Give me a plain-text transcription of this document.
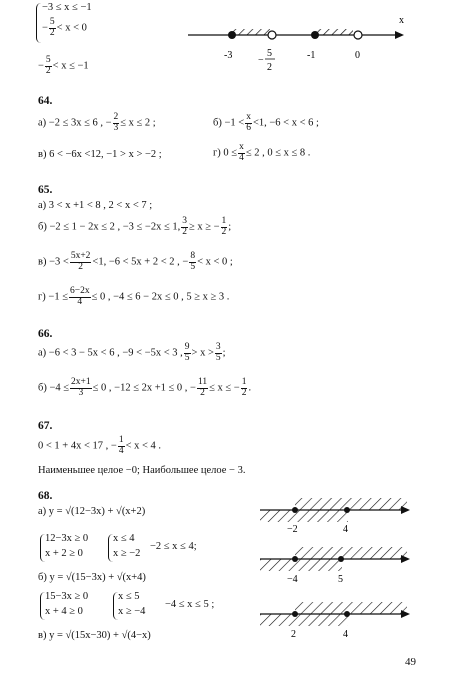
−3 ≤ x ≤ −1
− $\frac{5}{2} < x < 0$
− $\frac{5}{2} < x \le -1$
x
-3	−
5
2
-1	0
64.
а) −2 ≤ 3x ≤ 6 , − $\frac{2}{3} \le x \le 2$ ;	$б) -1 < \frac{x}{6} <1$, −6 < x < 6 ;
в) 6 < −6x <12, −1 > x > −2 ;	г) $0 \le \frac{x}{4} \le 2$ , 0 ≤ x ≤ 8 .
65.
а) 3 < x +1 < 8 , 2 < x < 7 ;
б) −2 ≤ 1 − 2x ≤ 2 , −3 ≤ −2x ≤ 1, $\frac{3}{2} \ge x$ ≥ − $\frac{1}{2}$ ;
$в) -3 < \frac{5x+2}{2} <1$, −6 < 5x + 2 < 2 , − $\frac{8}{5} < x < 0$ ;
$г) -1 \le \frac{6-2x}{4} \le 0$ , −4 ≤ 6 − 2x ≤ 0 , 5 ≥ x ≥ 3 .
66.
а) −6 < 3 − 5x < 6 , −9 < −5x < 3 , $\frac{9}{5} > x > \frac{3}{5}$ ;
$б) -4 \le \frac{2x+1}{3} \le 0$ , −12 ≤ 2x +1 ≤ 0 , − $\frac{11}{2} \le x$ ≤ − $\frac{1}{2}$ .
67.
0 < 1 + 4x < 17 , − $\frac{1}{4} < x < 4$ .
Наименьшее целое −0; Наибольшее целое − 3.
68.
а) y = √(12−3x) + √(x+2)
12−3x ≥ 0
x + 2 ≥ 0
x ≤ 4
x ≥ −2
−2 ≤ x ≤ 4;
б) y = √(15−3x) + √(x+4)
15−3x ≥ 0
x + 4 ≥ 0
x ≤ 5
x ≥ −4
−4 ≤ x ≤ 5 ;
в) y = √(15x−30) + √(4−x)
−2	4
−4	5
2	4
49
